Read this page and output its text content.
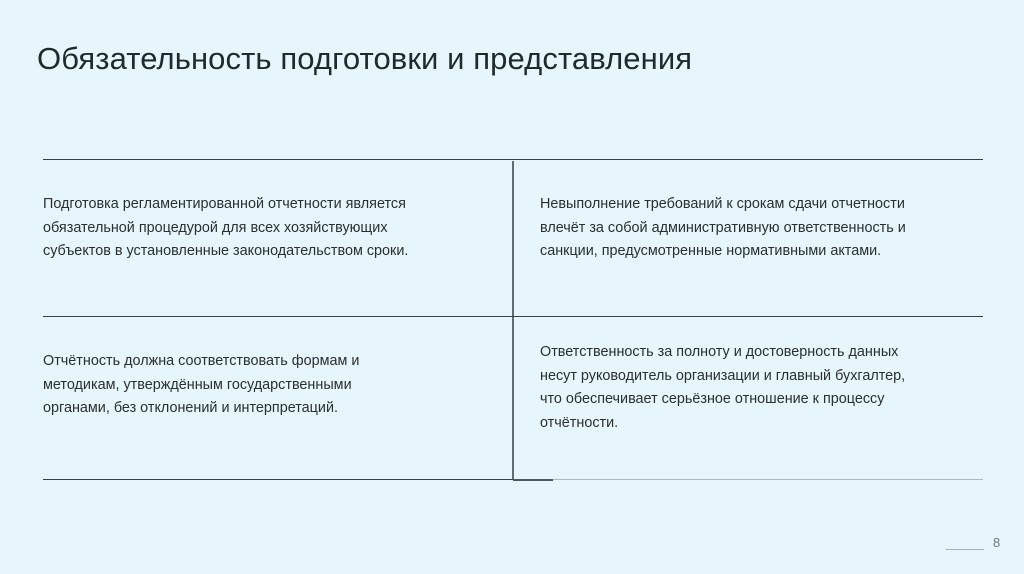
Обязательность подготовки и представления
Подготовка регламентированной отчетности является
обязательной процедурой для всех хозяйствующих
субъектов в установленные законодательством сроки.
Невыполнение требований к срокам сдачи отчетности
влечёт за собой административную ответственность и
санкции, предусмотренные нормативными актами.
Отчётность должна соответствовать формам и
методикам, утверждённым государственными
органами, без отклонений и интерпретаций.
Ответственность за полноту и достоверность данных
несут руководитель организации и главный бухгалтер,
что обеспечивает серьёзное отношение к процессу
отчётности.
8
